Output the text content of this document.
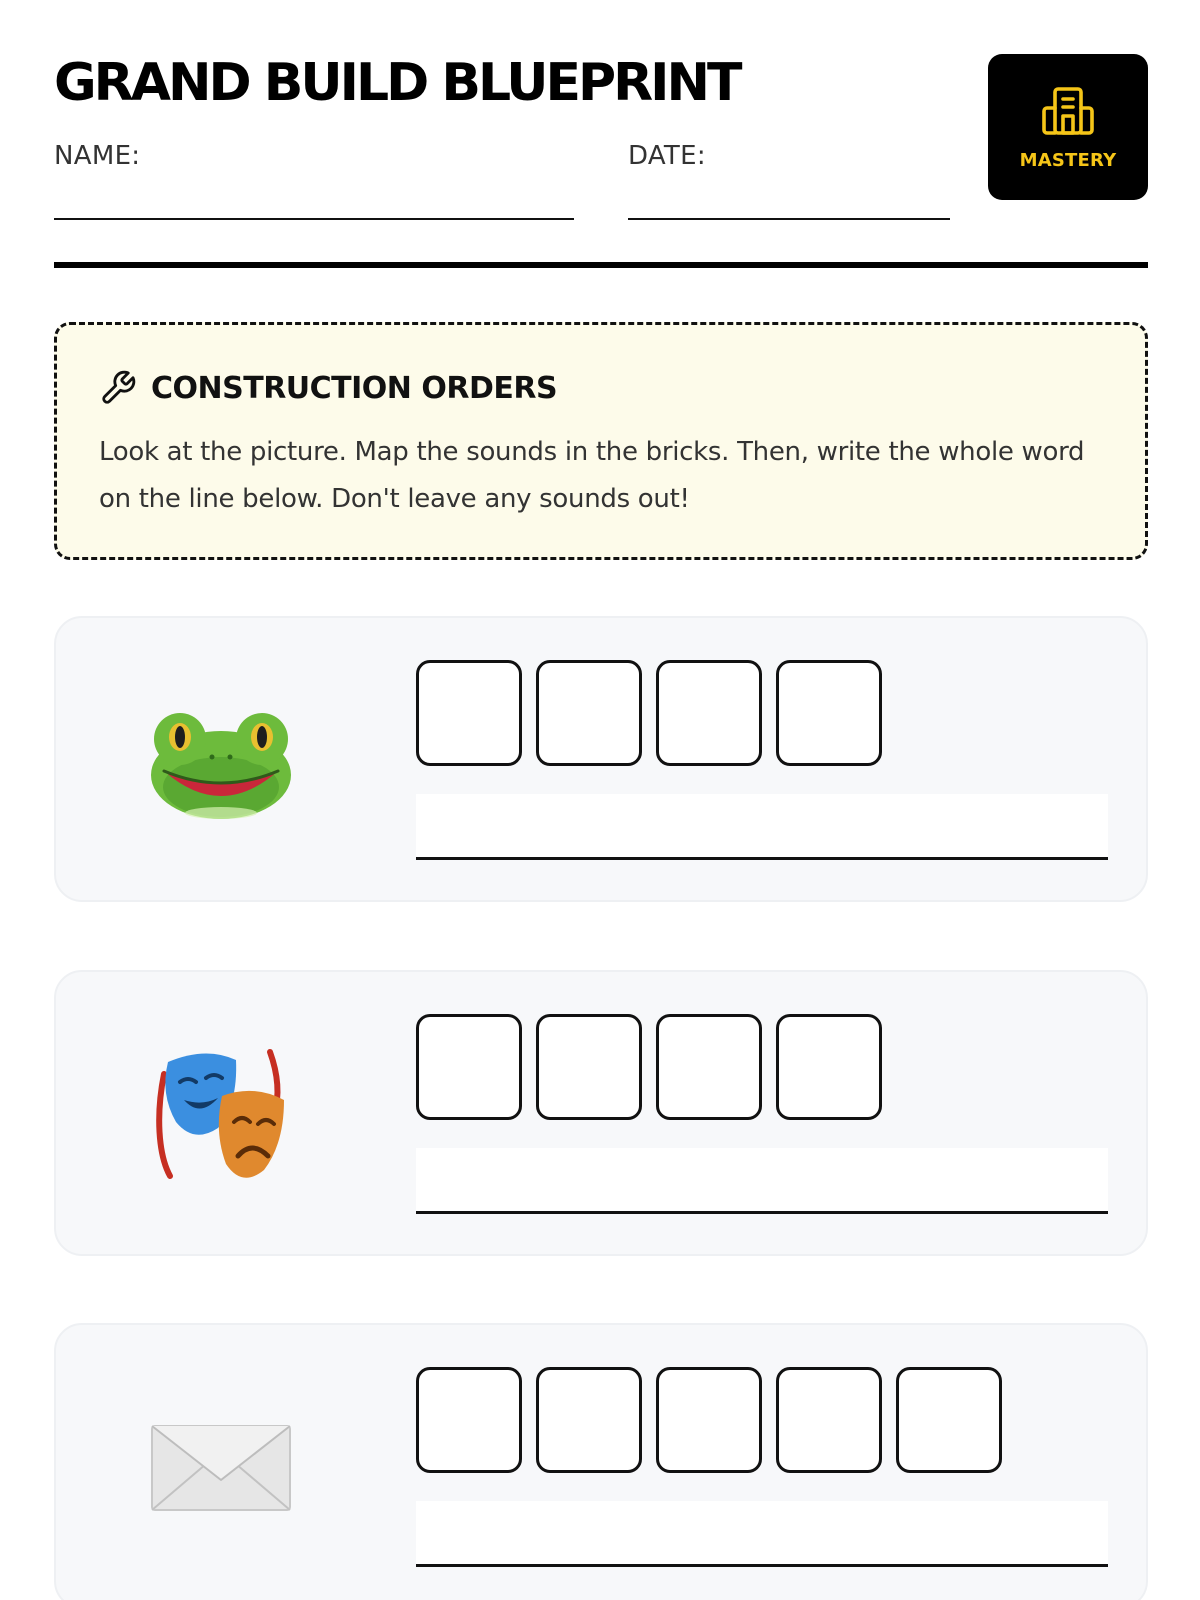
GRAND BUILD BLUEPRINT
NAME:	DATE:	MASTERY
CONSTRUCTION ORDERS
Look at the picture. Map the sounds in the bricks. Then, write the whole word on the line below. Don't leave any sounds out!
